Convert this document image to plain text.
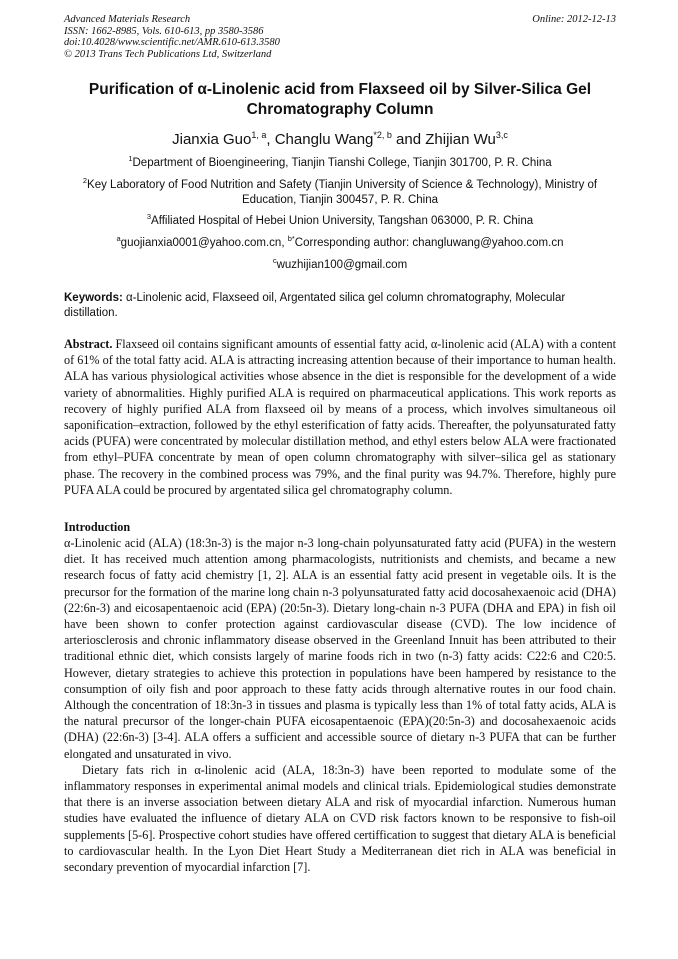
Advanced Materials Research
ISSN: 1662-8985, Vols. 610-613, pp 3580-3586
doi:10.4028/www.scientific.net/AMR.610-613.3580
© 2013 Trans Tech Publications Ltd, Switzerland
Online: 2012-12-13
Purification of α-Linolenic acid from Flaxseed oil by Silver-Silica Gel Chromatography Column
Jianxia Guo$^{1, a}$, Changlu Wang$^{*2, b}$ and Zhijian Wu$^{3,c}$
$^1$Department of Bioengineering, Tianjin Tianshi College, Tianjin 301700, P. R. China
$^2$Key Laboratory of Food Nutrition and Safety (Tianjin University of Science & Technology), Ministry of Education, Tianjin 300457, P. R. China
$^3$Affiliated Hospital of Hebei Union University, Tangshan 063000, P. R. China
$^a$guojianxia0001@yahoo.com.cn, $^{b*}$Corresponding author: changluwang@yahoo.com.cn
$^c$wuzhijian100@gmail.com
Keywords: α-Linolenic acid, Flaxseed oil, Argentated silica gel column chromatography, Molecular distillation.

Abstract. Flaxseed oil contains significant amounts of essential fatty acid, α-linolenic acid (ALA) with a content of 61% of the total fatty acid. ALA is attracting increasing attention because of their importance to human health. ALA has various physiological activities whose absence in the diet is responsible for the development of a wide variety of abnormalities. Highly purified ALA is required on pharmaceutical applications. This work reports as recovery of highly purified ALA from flaxseed oil by means of a process, which involves simultaneous oil saponification–extraction, followed by the ethyl esterification of fatty acids. Thereafter, the polyunsaturated fatty acids (PUFA) were concentrated by molecular distillation method, and ethyl esters below ALA were fractionated from ethyl–PUFA concentrate by mean of open column chromatography with silver–silica gel as stationary phase. The recovery in the combined process was 79%, and the final purity was 94.7%. Therefore, highly pure PUFA ALA could be procured by argentated silica gel chromatography column.

Introduction

α-Linolenic acid (ALA) (18:3n-3) is the major n-3 long-chain polyunsaturated fatty acid (PUFA) in the western diet. It has received much attention among pharmacologists, nutritionists and chemists, and became a new research focus of fatty acid chemistry [1, 2]. ALA is an essential fatty acid present in vegetable oils. It is the precursor for the formation of the marine long chain n-3 polyunsaturated fatty acid docosahexaenoic acid (DHA) (22:6n-3) and eicosapentaenoic acid (EPA) (20:5n-3). Dietary long-chain n-3 PUFA (DHA and EPA) in fish oil have been shown to confer protection against cardiovascular disease (CVD). The low incidence of arteriosclerosis and chronic inflammatory disease observed in the Greenland Innuit has been attributed to their traditional ethnic diet, which consists largely of marine foods rich in two (n-3) fatty acids: C22:6 and C20:5. However, dietary strategies to achieve this protection in populations have been hampered by resistance to the consumption of oily fish and poor approach to these fatty acids through alternative routes in our food chain. Although the concentration of 18:3n-3 in tissues and plasma is typically less than 1% of total fatty acids, ALA is the natural precursor of the longer-chain PUFA eicosapentaenoic (EPA)(20:5n-3) and docosahexaenoic acids (DHA) (22:6n-3) [3-4]. ALA offers a sufficient and accessible source of dietary n-3 PUFA that can be further elongated and unsaturated in vivo.

Dietary fats rich in α-linolenic acid (ALA, 18:3n-3) have been reported to modulate some of the inflammatory responses in experimental animal models and clinical trials. Epidemiological studies demonstrate that there is an inverse association between dietary ALA and risk of myocardial infarction. Numerous human studies have evaluated the influence of dietary ALA on CVD risk factors known to be responsive to fish-oil supplements [5-6]. Prospective cohort studies have offered certiffication to suggest that dietary ALA is beneficial to cardiovascular health. In the Lyon Diet Heart Study a Mediterranean diet rich in ALA was beneficial in secondary prevention of myocardial infarction [7].
